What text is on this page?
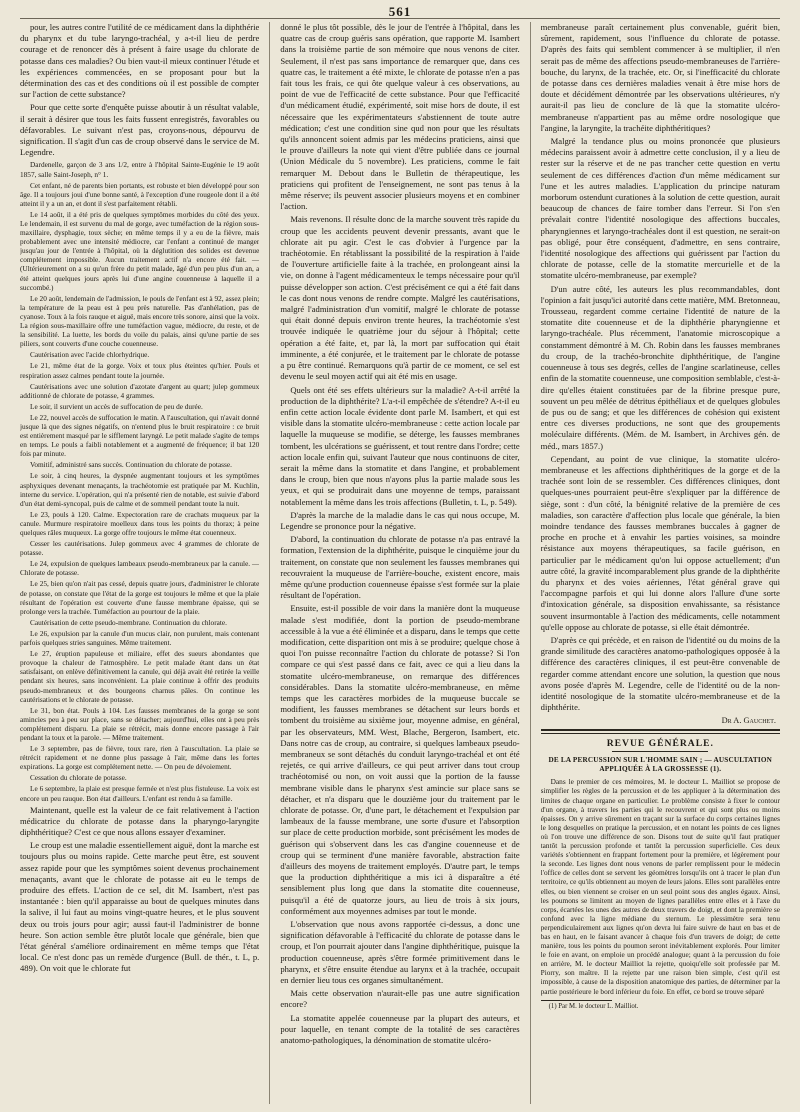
561

pour, les autres contre l'utilité de ce médicament dans la diphthérie du pharynx et du tube laryngo-trachéal, y a-t-il lieu de perdre courage et de renoncer dès à présent à faire usage du chlorate de potasse dans ces maladies? Ou bien vaut-il mieux continuer l'étude et les expériences commencées, en se proposant pour but la détermination des cas et des conditions où il est possible de compter sur l'action de cette substance?

Pour que cette sorte d'enquête puisse aboutir à un résultat valable, il serait à désirer que tous les faits fussent enregistrés, favorables ou défavorables. Le suivant n'est pas, croyons-nous, dépourvu de signification. Il s'agit d'un cas de croup observé dans le service de M. Legendre.

Dardenelle, garçon de 3 ans 1/2, entre à l'hôpital Sainte-Eugénie le 19 août 1857, salle Saint-Joseph, n° 1.

Cet enfant, né de parents bien portants, est robuste et bien développé pour son âge. Il a toujours joui d'une bonne santé, à l'exception d'une rougeole dont il a été atteint il y a un an, et dont il s'est parfaitement rétabli.

Le 14 août, il a été pris de quelques symptômes morbides du côté des yeux. Le lendemain, il est survenu du mal de gorge, avec tuméfaction de la région sous-maxillaire, dysphagie, toux sèche; en même temps il y a eu de la fièvre, mais probablement avec une intensité médiocre, car l'enfant a continué de manger jusqu'au jour de l'entrée à l'hôpital, où la déglutition des solides est devenue complétement impossible. Aucun traitement actif n'a encore été fait. — (Ultérieurement on a su qu'un frère du petit malade, âgé d'un peu plus d'un an, a été atteint quelques jours après lui d'une angine couenneuse à laquelle il a succombé.)

Le 20 août, lendemain de l'admission, le pouls de l'enfant est à 92, assez plein; la température de la peau est à peu près naturelle. Pas d'anhélation, pas de cyanose. Toux à la fois rauque et aiguë, mais encore très sonore, ainsi que la voix. La région sous-maxillaire offre une tuméfaction vague, médiocre, du reste, et de la sensibilité. La luette, les bords du voile du palais, ainsi qu'une partie de ses piliers, sont couverts d'une couche couenneuse.

Cautérisation avec l'acide chlorhydrique.

Le 21, même état de la gorge. Voix et toux plus éteintes qu'hier. Pouls et respiration assez calmes pendant toute la journée.

Cautérisations avec une solution d'azotate d'argent au quart; julep gommeux additionné de chlorate de potasse, 4 grammes.

Le soir, il survient un accès de suffocation de peu de durée.

Le 22, nouvel accès de suffocation le matin. A l'auscultation, qui n'avait donné jusque là que des signes négatifs, on n'entend plus le bruit respiratoire : ce bruit est entièrement masqué par le sifflement laryngé. Le petit malade s'agite de temps en temps. Le pouls a faibli notablement et a augmenté de fréquence; il bat 120 fois par minute.

Vomitif, administré sans succès. Continuation du chlorate de potasse.

Le soir, à cinq heures, la dyspnée augmentant toujours et les symptômes asphyxiques devenant menaçants, la trachéotomie est pratiquée par M. Kuchlin, interne du service. L'opération, qui n'a présenté rien de notable, est suivie d'abord d'un état demi-syncopal, puis de calme et de sommeil pendant toute la nuit.

Le 23, pouls à 120. Calme. Expectoration rare de crachats muqueux par la canule. Murmure respiratoire moelleux dans tous les points du thorax; à peine quelques râles muqueux. La gorge offre toujours le même état couenneux.

Cesser les cautérisations. Julep gommeux avec 4 grammes de chlorate de potasse.

Le 24, expulsion de quelques lambeaux pseudo-membraneux par la canule. — Chlorate de potasse.

Le 25, bien qu'on n'ait pas cessé, depuis quatre jours, d'administrer le chlorate de potasse, on constate que l'état de la gorge est toujours le même et que la plaie résultant de l'opération est couverte d'une fausse membrane épaisse, qui se prolonge vers la trachée. Tuméfaction au pourtour de la plaie.

Cautérisation de cette pseudo-membrane. Continuation du chlorate.

Le 26, expulsion par la canule d'un mucus clair, non purulent, mais contenant parfois quelques stries sanguines. Même traitement.

Le 27, éruption papuleuse et miliaire, effet des sueurs abondantes que provoque la chaleur de l'atmosphère. Le petit malade étant dans un état satisfaisant, on enlève définitivement la canule, qui déjà avait été retirée la veille pendant six heures, sans inconvénient. La plaie continue à offrir des produits pseudo-membraneux et des bourgeons charnus pâles. On continue les cautérisations et le chlorate de potasse.

Le 31, bon état. Pouls à 104. Les fausses membranes de la gorge se sont amincies peu à peu sur place, sans se détacher; aujourd'hui, elles ont à peu près complétement disparu. La plaie se rétrécit, mais donne encore passage à l'air pendant la toux et la parole. — Même traitement.

Le 3 septembre, pas de fièvre, toux rare, rien à l'auscultation. La plaie se rétrécit rapidement et ne donne plus passage à l'air, même dans les fortes expirations. La gorge est complétement nette. — On peu de dévoiement.

Cessation du chlorate de potasse.

Le 6 septembre, la plaie est presque fermée et n'est plus fistuleuse. La voix est encore un peu rauque. Bon état d'ailleurs. L'enfant est rendu à sa famille.

Maintenant, quelle est la valeur de ce fait relativement à l'action médicatrice du chlorate de potasse dans la pharyngo-laryngite diphthéritique? C'est ce que nous allons essayer d'examiner.

Le croup est une maladie essentiellement aiguë, dont la marche est toujours plus ou moins rapide. Cette marche peut être, est souvent assez rapide pour que les symptômes soient devenus prochainement menaçants, avant que le chlorate de potasse ait eu le temps de produire des effets. L'action de ce sel, dit M. Isambert, n'est pas instantanée : bien qu'il apparaisse au bout de quelques minutes dans la salive, il lui faut au moins vingt-quatre heures, et le plus souvent deux ou trois jours pour agir; aussi faut-il l'administrer de bonne heure. Son action semble être plutôt locale que générale, bien que l'état général s'améliore ordinairement en même temps que l'état local. Ce n'est donc pas un remède d'urgence (Bull. de thér., t. L, p. 489). On voit que le chlorate fut

donné le plus tôt possible, dès le jour de l'entrée à l'hôpital, dans les quatre cas de croup guéris sans opération, que rapporte M. Isambert dans la troisième partie de son mémoire que nous venons de citer. Seulement, il n'est pas sans importance de remarquer que, dans ces quatre cas, le traitement a été mixte, le chlorate de potasse n'en a pas fait tous les frais, ce qui ôte quelque valeur à ces observations, au point de vue de l'efficacité de cette substance. Pour que l'efficacité d'un médicament étudié, expérimenté, soit mise hors de doute, il est nécessaire que les expérimentateurs s'abstiennent de toute autre médication; c'est une condition sine qud non pour que les résultats qu'ils annoncent soient admis par les médecins praticiens, ainsi que le prouve d'ailleurs la note qui vient d'être publiée dans ce journal (Union Médicale du 5 novembre). Les praticiens, comme le fait remarquer M. Debout dans le Bulletin de thérapeutique, les praticiens qui profitent de l'enseignement, ne sont pas tenus à la même réserve; ils peuvent associer plusieurs moyens et en combiner l'action.

Mais revenons. Il résulte donc de la marche souvent très rapide du croup que les accidents peuvent devenir pressants, avant que le chlorate ait pu agir. C'est le cas d'obvier à l'urgence par la trachéotomie. En rétablissant la possibilité de la respiration à l'aide de l'ouverture artificielle faite à la trachée, en prolongeant ainsi la vie, on donne à l'agent médicamenteux le temps nécessaire pour qu'il puisse développer son action. C'est précisément ce qui a été fait dans le cas dont nous venons de rendre compte. Malgré les cautérisations, malgré l'administration d'un vomitif, malgré le chlorate de potasse qui était donné depuis environ trente heures, la trachéotomie s'est trouvée indiquée le quatrième jour du séjour à l'hôpital; cette opération a été faite, et, par là, la mort par suffocation qui était imminente, a été conjurée, et le traitement par le chlorate de potasse a pu être continué. Remarquons qu'à partir de ce moment, ce sel est devenu le seul moyen actif qui ait été mis en usage.

Quels ont été ses effets ultérieurs sur la maladie? A-t-il arrêté la production de la diphthérite? L'a-t-il empêchée de s'étendre? A-t-il eu enfin cette action locale évidente dont parle M. Isambert, et qui est visible dans la stomatite ulcéro-membraneuse : cette action locale par laquelle la muqueuse se modifie, se déterge, les fausses membranes tombent, les ulcérations se guérissent, et tout rentre dans l'ordre; cette action locale enfin qui, suivant l'auteur que nous continuons de citer, serait la même dans la stomatite et dans l'angine, et probablement dans le croup, bien que nous n'ayons plus la partie malade sous les yeux, et qui se produirait dans une moyenne de temps, paraissant notablement la même dans les trois affections (Bulletin, t. L, p. 549).

D'après la marche de la maladie dans le cas qui nous occupe, M. Legendre se prononce pour la négative.

D'abord, la continuation du chlorate de potasse n'a pas entravé la formation, l'extension de la diphthérite, puisque le cinquième jour du traitement, on constate que non seulement les fausses membranes qui recouvraient la muqueuse de l'arrière-bouche, existent encore, mais même qu'une production couenneuse épaisse s'est formée sur la plaie résultant de l'opération.

Ensuite, est-il possible de voir dans la manière dont la muqueuse malade s'est modifiée, dont la portion de pseudo-membrane accessible à la vue a été éliminée et a disparu, dans le temps que cette modification, cette disparition ont mis à se produire; quelque chose à quoi l'on puisse reconnaître l'action du chlorate de potasse? Si l'on compare ce qui s'est passé dans ce fait, avec ce qui a lieu dans la stomatite ulcéro-membraneuse, on remarque des différences considérables. Dans la stomatite ulcéro-membraneuse, en même temps que les caractères morbides de la muqueuse buccale se modifient, les fausses membranes se détachent sur leurs bords et tombent du troisième au sixième jour, moyenne admise, en général, par les observateurs, MM. West, Blache, Bergeron, Isambert, etc. Dans notre cas de croup, au contraire, si quelques lambeaux pseudo-membraneux se sont détachés du conduit laryngo-trachéal et ont été rejetés, ce qui arrive d'ailleurs, ce qui peut arriver dans tout croup trachéotomisé ou non, on voit aussi que la portion de la fausse membrane visible dans le pharynx s'est amincie sur place sans se détacher, et n'a disparu que le douzième jour du traitement par le chlorate de potasse. Or, d'une part, le détachement et l'expulsion par lambeaux de la fausse membrane, une sorte d'usure et l'absorption sur place de cette production morbide, sont précisément les modes de guérison qui s'observent dans les cas d'angine couenneuse et de croup qui se terminent d'une manière favorable, abstraction faite d'ailleurs des moyens de traitement employés. D'autre part, le temps que la production diphthéritique a mis ici à disparaître a été sensiblement plus long que dans la stomatite dite couenneuse, puisqu'il a été de quatorze jours, au lieu de trois à six jours, conformément aux moyennes admises par tout le monde.

L'observation que nous avons rapportée ci-dessus, a donc une signification défavorable à l'efficacité du chlorate de potasse dans le croup, et l'on pourrait ajouter dans l'angine diphthéritique, puisque la production couenneuse, après s'être formée primitivement dans le pharynx, et s'être ensuite étendue au larynx et à la trachée, occupait en dernier lieu tous ces organes simultanément.

Mais cette observation n'aurait-elle pas une autre signification encore?

La stomatite appelée couenneuse par la plupart des auteurs, et pour laquelle, en tenant compte de la totalité de ses caractères anatomo-pathologiques, la dénomination de stomatite ulcéro-

membraneuse paraît certainement plus convenable, guérit bien, sûrement, rapidement, sous l'influence du chlorate de potasse. D'après des faits qui semblent commencer à se multiplier, il n'en serait pas de même des affections pseudo-membraneuses de l'arrière-bouche, du larynx, de la trachée, etc. Or, si l'inefficacité du chlorate de potasse dans ces dernières maladies venait à être mise hors de doute et décidément démontrée par les observations ultérieures, n'y aurait-il pas lieu de conclure de là que la stomatite ulcéro-membraneuse n'appartient pas au même ordre nosologique que l'angine, la laryngite, la trachéite diphthéritiques?

Malgré la tendance plus ou moins prononcée que plusieurs médecins paraissent avoir à admettre cette conclusion, il y a lieu de rester sur la réserve et de ne pas trancher cette question en vertu seulement de ces différences d'action d'un même médicament sur l'une et les autres maladies. L'application du principe naturam morborum ostendunt curationes à la solution de cette question, aurait beaucoup de chances de faire tomber dans l'erreur. Si l'on s'en prévalait contre l'identité nosologique des affections buccales, pharyngiennes et laryngo-trachéales dont il est question, ne serait-on pas obligé, pour être conséquent, d'admettre, en sens contraire, l'identité nosologique des affections qui guérissent par l'action du chlorate de potasse, celle de la stomatite mercurielle et de la stomatite ulcéro-membraneuse, par exemple?

D'un autre côté, les auteurs les plus recommandables, dont l'opinion a fait jusqu'ici autorité dans cette matière, MM. Bretonneau, Trousseau, regardent comme certaine l'identité de nature de la stomatite dite couenneuse et de la diphthérie pharyngienne et laryngo-trachéale. Plus récemment, l'anatomie microscopique a constamment démontré à M. Ch. Robin dans les fausses membranes du croup, de la trachéo-bronchite diphthéritique, de l'angine couenneuse à tous ses degrés, celles de l'angine scarlatineuse, celles enfin de la stomatite couenneuse, une composition semblable, c'est-à-dire qu'elles étaient constituées par de la fibrine presque pure, souvent un peu mêlée de détritus épithéliaux et de quelques globules de pus ou de sang; et que les différences de cohésion qui existent entre ces diverses productions, ne sont que des groupements moléculaire différents. (Mém. de M. Isambert, in Archives gén. de méd., mars 1857.)

Cependant, au point de vue clinique, la stomatite ulcéro-membraneuse et les affections diphthéritiques de la gorge et de la trachée sont loin de se ressembler. Ces différences cliniques, dont quelques-unes pourraient peut-être s'expliquer par la différence de siège, sont : d'un côté, la bénignité relative de la première de ces maladies, son caractère d'affection plus locale que générale, la bien moindre tendance des fausses membranes buccales à gagner de proche en proche et à envahir les parties voisines, sa moindre résistance aux moyens thérapeutiques, sa facile guérison, en particulier par le médicament qu'on lui oppose actuellement; d'un autre côté, la gravité incomparablement plus grande de la diphthérite du pharynx et des voies aériennes, l'état général grave qui l'accompagne parfois et qui lui donne alors l'allure d'une sorte d'intoxication générale, sa disposition envahissante, sa résistance souvent insurmontable à l'action des médicaments, celle notamment qu'elle oppose au chlorate de potasse, si elle était démontrée.

D'après ce qui précède, et en raison de l'identité ou du moins de la grande similitude des caractères anatomo-pathologiques opposée à la différence des caractères cliniques, il est peut-être convenable de regarder comme attendant encore une solution, la question que nous avons posée d'après M. Legendre, celle de l'identité ou de la non-identité nosologique de la stomatite ulcéro-membraneuse et de la diphthérite.

Dr A. Gauchet.
REVUE GÉNÉRALE.
DE LA PERCUSSION SUR L'HOMME SAIN ; — AUSCULTATION APPLIQUÉE À LA GROSSESSE (1).

Dans le premier de ces mémoires, M. le docteur L. Mailliot se propose de simplifier les règles de la percussion et de les appliquer à la détermination des limites de chaque organe en particulier. Le problème consiste à fixer le contour d'un organe, à travers les parties qui le recouvrent et qui sont plus ou moins épaisses. On y arrive sûrement en traçant sur la surface du corps certaines lignes le long desquelles on pratique la percussion, et en notant les points de ces lignes où l'on trouve une différence de son. Disons tout de suite qu'il faut pratiquer tantôt la percussion profonde et tantôt la percussion superficielle. Ces deux variétés s'obtiennent en frappant fortement pour la première, et légèrement pour la seconde. Les lignes dont nous venons de parler remplissent pour le médecin l'office de celles dont se servent les géomètres lorsqu'ils ont à tracer le plan d'un territoire, ce qu'ils obtiennent au moyen de leurs jalons. Elles sont parallèles entre elles, ou bien viennent se croiser en un seul point sous des angles égaux. Ainsi, les poumons se limitent au moyen de lignes parallèles entre elles et à l'axe du corps, écartées les unes des autres de deux travers de doigt, et dont la première se confond avec la ligne médiane du sternum. Le plessimètre sera tenu perpendiculairement aux lignes qu'on devra lui faire suivre de haut en bas et de bas en haut, en le faisant avancer à chaque fois d'un travers de doigt; de cette manière, tous les points du poumon seront inévitablement explorés. Pour limiter le foie en avant, on emploie un procédé analogue; quant à la percussion du foie en arrière, M. le docteur Mailliot la rejette, quoiqu'elle soit professée par M. Piorry, son maître. Il la rejette par une raison bien simple, c'est qu'il est impossible, à cause de la disposition anatomique des parties, de déterminer par la partie postérieure le bord inférieur du foie. En effet, ce bord se trouve séparé

(1) Par M. le docteur L. Mailliot.
